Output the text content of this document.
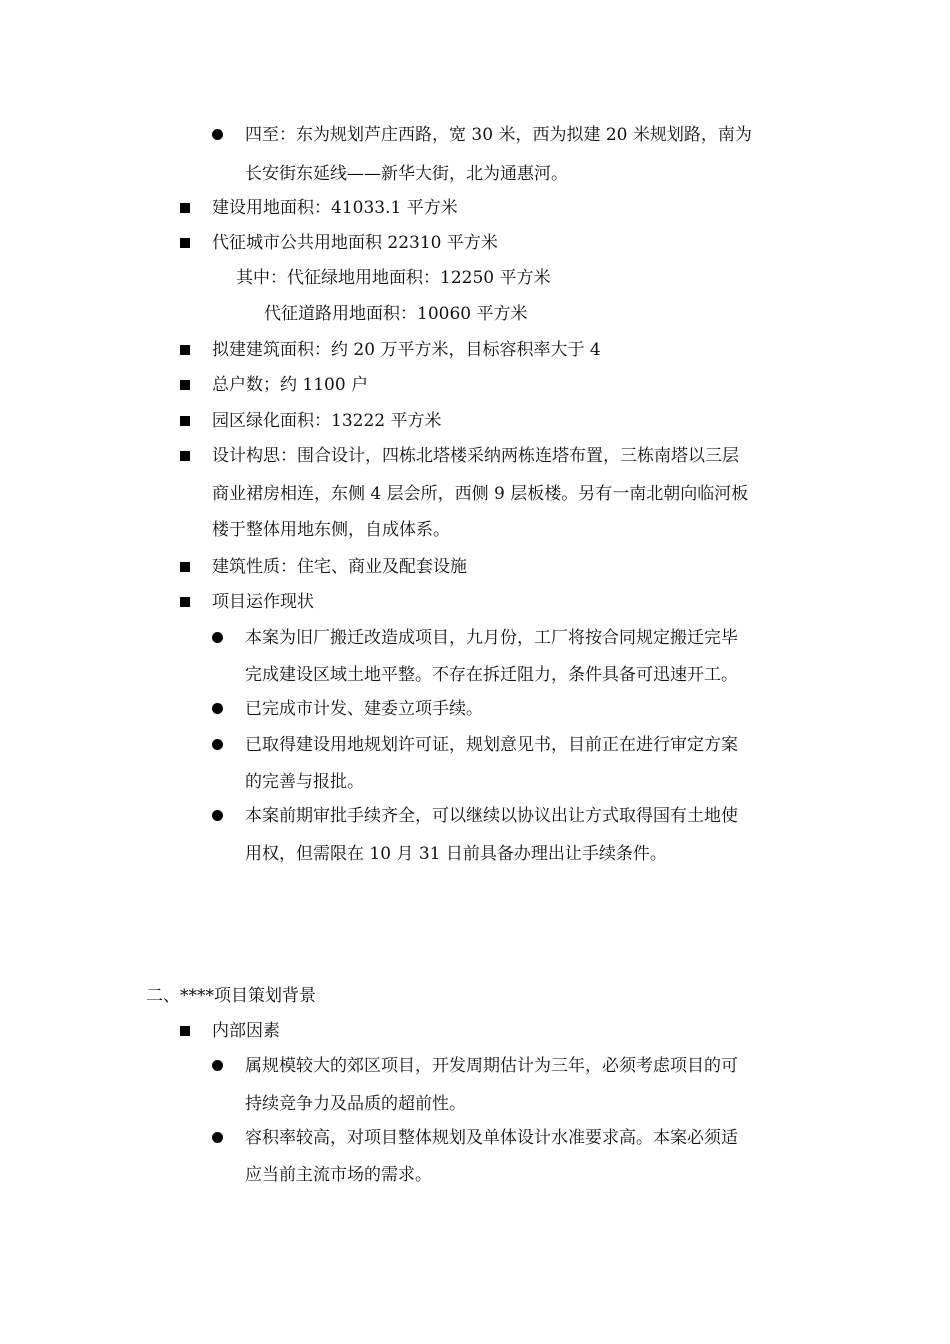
四至：东为规划芦庄西路，宽 30 米，西为拟建 20 米规划路，南为
长安街东延线——新华大街，北为通惠河。
建设用地面积：41033.1 平方米
代征城市公共用地面积 22310 平方米
其中：代征绿地用地面积：12250 平方米
代征道路用地面积：10060 平方米
拟建建筑面积：约 20 万平方米，目标容积率大于 4
总户数；约 1100 户
园区绿化面积：13222 平方米
设计构思：围合设计，四栋北塔楼采纳两栋连塔布置，三栋南塔以三层
商业裙房相连，东侧 4 层会所，西侧 9 层板楼。另有一南北朝向临河板
楼于整体用地东侧，自成体系。
建筑性质：住宅、商业及配套设施
项目运作现状
本案为旧厂搬迁改造成项目，九月份，工厂将按合同规定搬迁完毕
完成建设区域土地平整。不存在拆迁阻力，条件具备可迅速开工。
已完成市计发、建委立项手续。
已取得建设用地规划许可证，规划意见书，目前正在进行审定方案
的完善与报批。
本案前期审批手续齐全，可以继续以协议出让方式取得国有土地使
用权，但需限在 10 月 31 日前具备办理出让手续条件。
二、****项目策划背景
内部因素
属规模较大的郊区项目，开发周期估计为三年，必须考虑项目的可
持续竞争力及品质的超前性。
容积率较高，对项目整体规划及单体设计水准要求高。本案必须适
应当前主流市场的需求。
